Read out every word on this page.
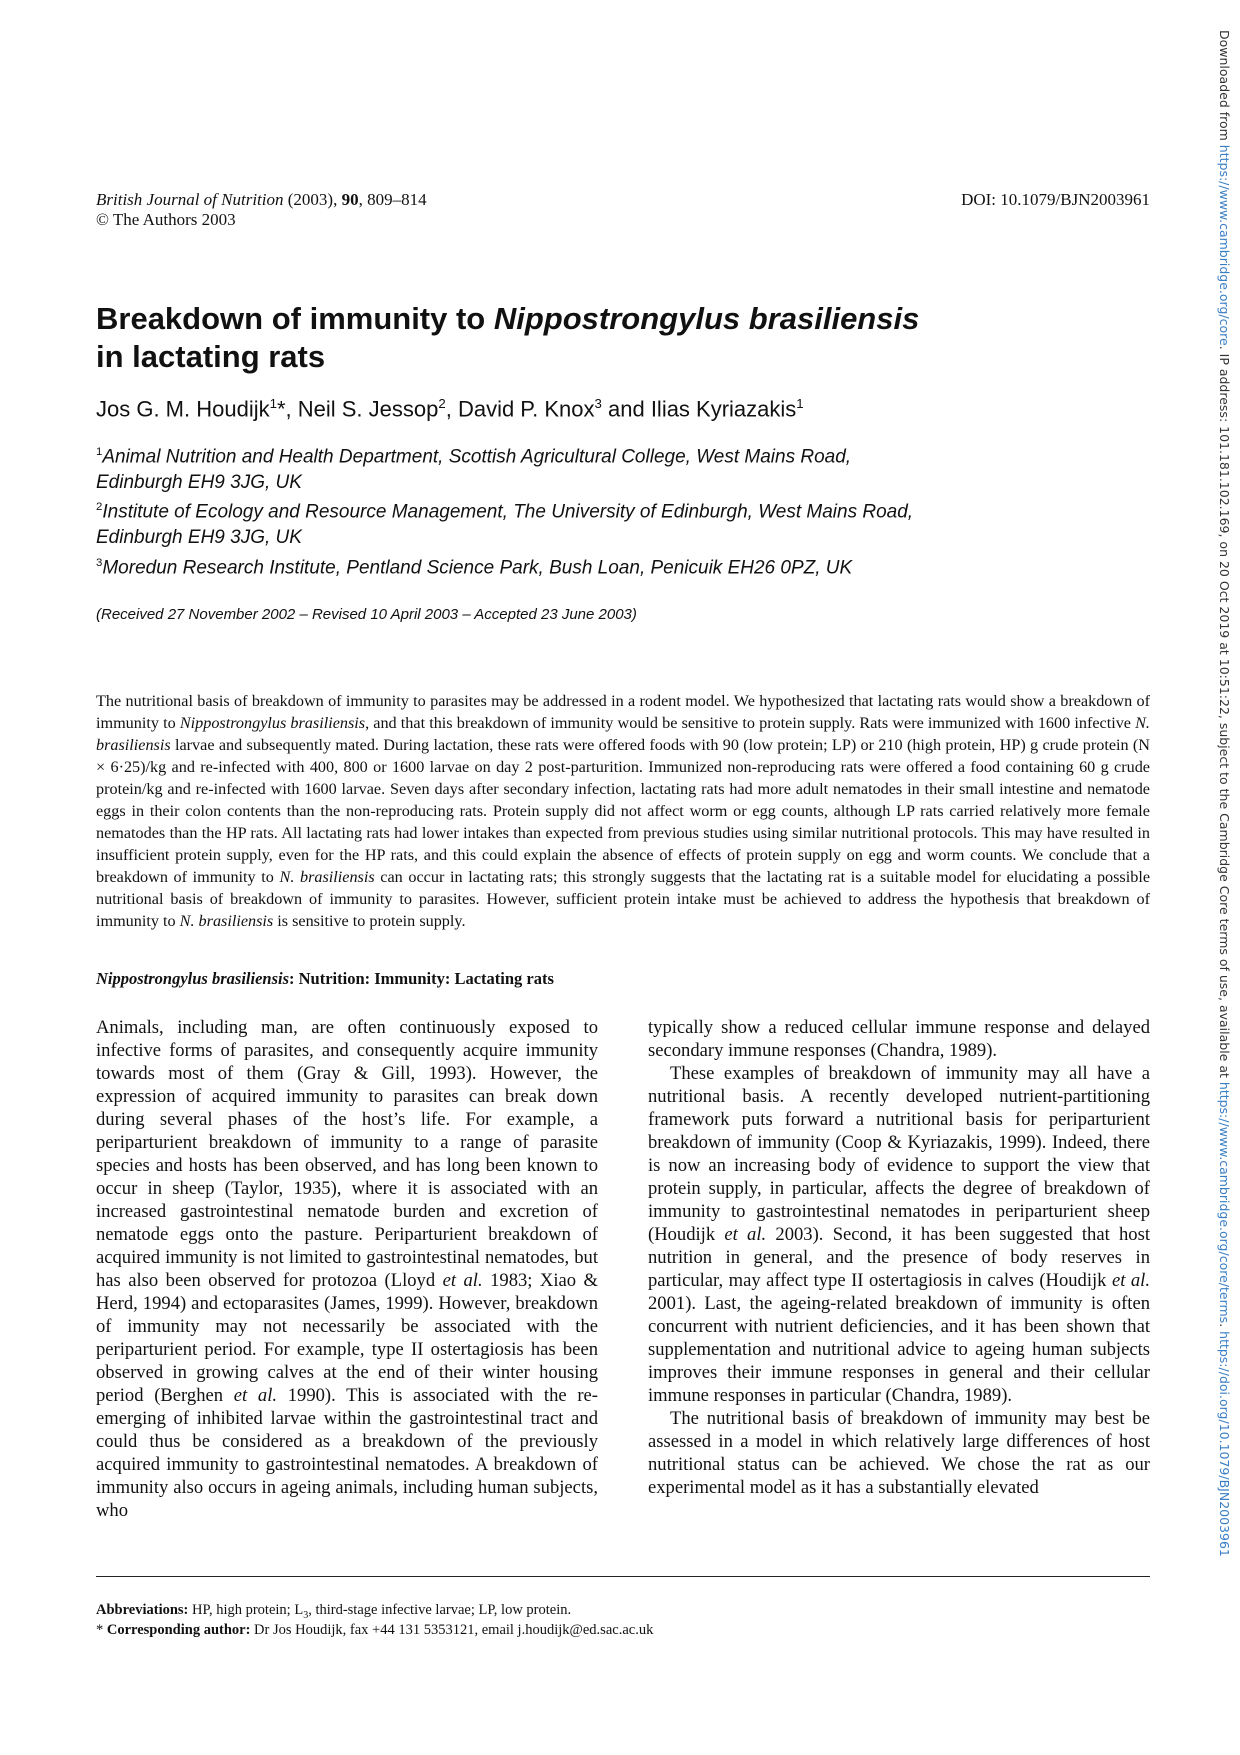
British Journal of Nutrition (2003), 90, 809–814
© The Authors 2003
DOI: 10.1079/BJN2003961
Breakdown of immunity to Nippostrongylus brasiliensis
in lactating rats
Jos G. M. Houdijk$^1$*, Neil S. Jessop$^2$, David P. Knox$^3$ and Ilias Kyriazakis$^1$
$^1$Animal Nutrition and Health Department, Scottish Agricultural College, West Mains Road,
Edinburgh EH9 3JG, UK
$^2$Institute of Ecology and Resource Management, The University of Edinburgh, West Mains Road,
Edinburgh EH9 3JG, UK
$^3$Moredun Research Institute, Pentland Science Park, Bush Loan, Penicuik EH26 0PZ, UK
(Received 27 November 2002 – Revised 10 April 2003 – Accepted 23 June 2003)
The nutritional basis of breakdown of immunity to parasites may be addressed in a rodent model. We hypothesized that lactating rats would show a breakdown of immunity to Nippostrongylus brasiliensis, and that this breakdown of immunity would be sensitive to protein supply. Rats were immunized with 1600 infective N. brasiliensis larvae and subsequently mated. During lactation, these rats were offered foods with 90 (low protein; LP) or 210 (high protein, HP) g crude protein (N × 6·25)/kg and re-infected with 400, 800 or 1600 larvae on day 2 post-parturition. Immunized non-reproducing rats were offered a food containing 60 g crude protein/kg and re-infected with 1600 larvae. Seven days after secondary infection, lactating rats had more adult nematodes in their small intestine and nematode eggs in their colon contents than the non-reproducing rats. Protein supply did not affect worm or egg counts, although LP rats carried relatively more female nematodes than the HP rats. All lactating rats had lower intakes than expected from previous studies using similar nutritional protocols. This may have resulted in insufficient protein supply, even for the HP rats, and this could explain the absence of effects of protein supply on egg and worm counts. We conclude that a breakdown of immunity to N. brasiliensis can occur in lactating rats; this strongly suggests that the lactating rat is a suitable model for elucidating a possible nutritional basis of breakdown of immunity to parasites. However, sufficient protein intake must be achieved to address the hypothesis that breakdown of immunity to N. brasiliensis is sensitive to protein supply.
Nippostrongylus brasiliensis: Nutrition: Immunity: Lactating rats

Animals, including man, are often continuously exposed to infective forms of parasites, and consequently acquire immunity towards most of them (Gray & Gill, 1993). However, the expression of acquired immunity to parasites can break down during several phases of the host’s life. For example, a periparturient breakdown of immunity to a range of parasite species and hosts has been observed, and has long been known to occur in sheep (Taylor, 1935), where it is associated with an increased gastrointestinal nematode burden and excretion of nematode eggs onto the pasture. Periparturient breakdown of acquired immunity is not limited to gastrointestinal nematodes, but has also been observed for protozoa (Lloyd et al. 1983; Xiao & Herd, 1994) and ectoparasites (James, 1999). However, breakdown of immunity may not necessarily be associated with the periparturient period. For example, type II ostertagiosis has been observed in growing calves at the end of their winter housing period (Berghen et al. 1990). This is associated with the re-emerging of inhibited larvae within the gastrointestinal tract and could thus be considered as a breakdown of the previously acquired immunity to gastrointestinal nematodes. A breakdown of immunity also occurs in ageing animals, including human subjects, who

typically show a reduced cellular immune response and delayed secondary immune responses (Chandra, 1989).

These examples of breakdown of immunity may all have a nutritional basis. A recently developed nutrient-partitioning framework puts forward a nutritional basis for periparturient breakdown of immunity (Coop & Kyriazakis, 1999). Indeed, there is now an increasing body of evidence to support the view that protein supply, in particular, affects the degree of breakdown of immunity to gastrointestinal nematodes in periparturient sheep (Houdijk et al. 2003). Second, it has been suggested that host nutrition in general, and the presence of body reserves in particular, may affect type II ostertagiosis in calves (Houdijk et al. 2001). Last, the ageing-related breakdown of immunity is often concurrent with nutrient deficiencies, and it has been shown that supplementation and nutritional advice to ageing human subjects improves their immune responses in general and their cellular immune responses in particular (Chandra, 1989).

The nutritional basis of breakdown of immunity may best be assessed in a model in which relatively large differences of host nutritional status can be achieved. We chose the rat as our experimental model as it has a substantially elevated

Abbreviations: HP, high protein; $L_3$, third-stage infective larvae; LP, low protein.
* Corresponding author: Dr Jos Houdijk, fax +44 131 5353121, email j.houdijk@ed.sac.ac.uk
Downloaded from https://www.cambridge.org/core. IP address: 101.181.102.169, on 20 Oct 2019 at 10:51:22, subject to the Cambridge Core terms of use, available at https://www.cambridge.org/core/terms. https://doi.org/10.1079/BJN2003961
